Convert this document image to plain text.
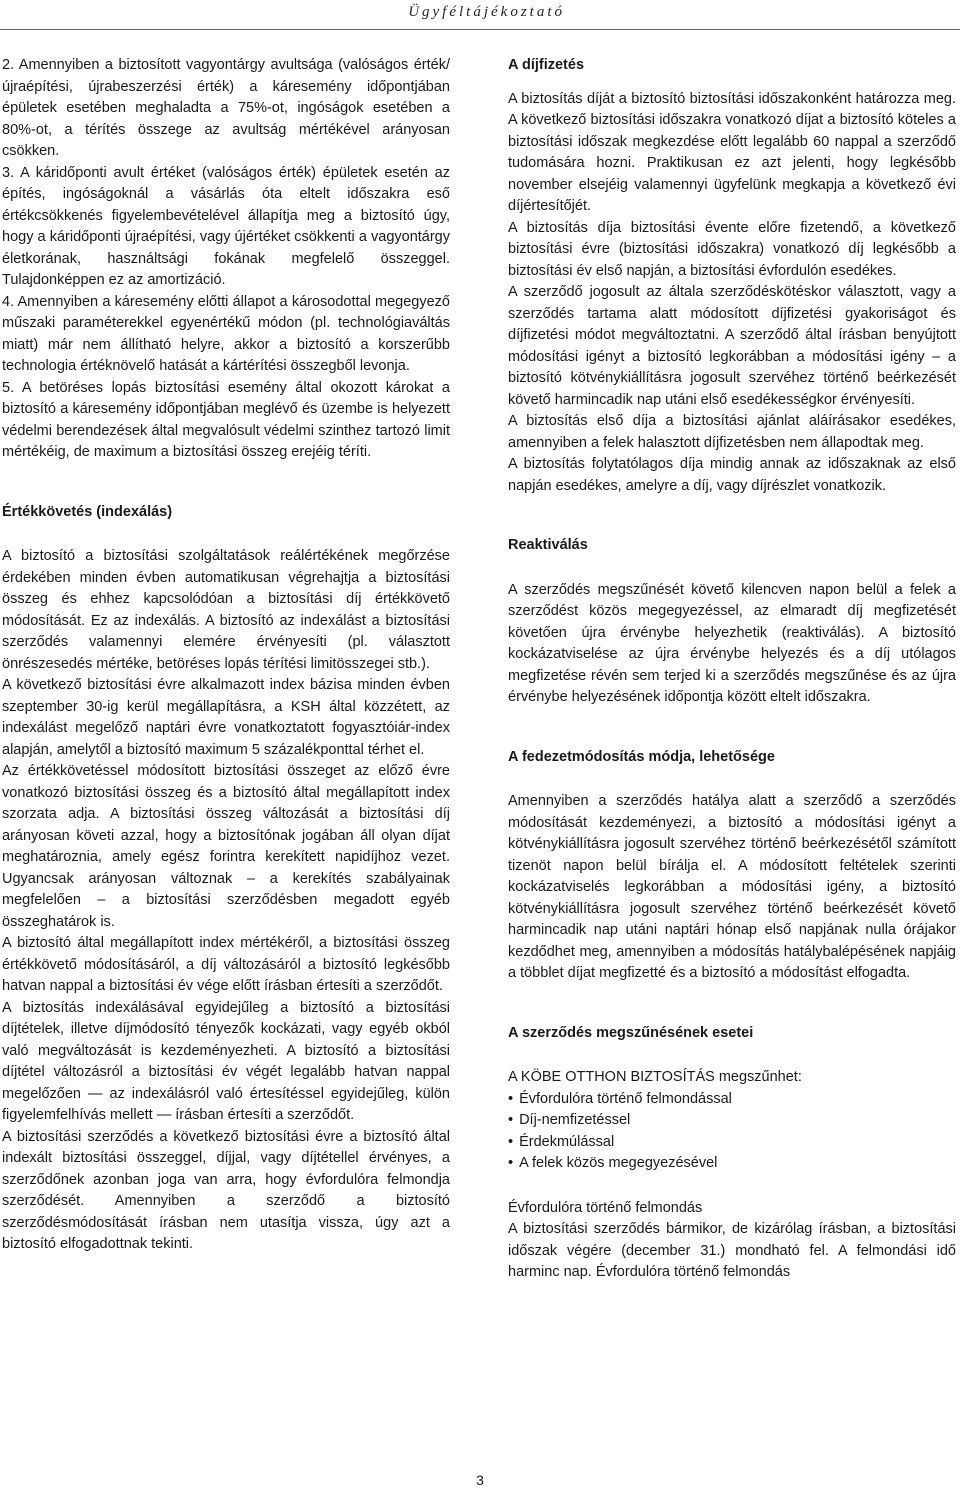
Ügyféltájékoztató

2. Amennyiben a biztosított vagyontárgy avultsága (valóságos érték/újraépítési, újrabeszerzési érték) a káresemény időpontjában épületek esetében meghaladta a 75%-ot, ingóságok esetében a 80%-ot, a térítés összege az avultság mértékével arányosan csökken.

3. A káridőponti avult értéket (valóságos érték) épületek esetén az építés, ingóságoknál a vásárlás óta eltelt időszakra eső értékcsökkenés figyelembevételével állapítja meg a biztosító úgy, hogy a káridőponti újraépítési, vagy újértéket csökkenti a vagyontárgy életkorának, használtsági fokának megfelelő összeggel. Tulajdonképpen ez az amortizáció.

4. Amennyiben a káresemény előtti állapot a károsodottal megegyező műszaki paraméterekkel egyenértékű módon (pl. technológiaváltás miatt) már nem állítható helyre, akkor a biztosító a korszerűbb technologia értéknövelő hatását a kártérítési összegből levonja.

5. A betöréses lopás biztosítási esemény által okozott károkat a biztosító a káresemény időpontjában meglévő és üzembe is helyezett védelmi berendezések által megvalósult védelmi szinthez tartozó limit mértékéig, de maximum a biztosítási összeg erejéig téríti.

Értékkövetés (indexálás)

A biztosító a biztosítási szolgáltatások reálértékének megőrzése érdekében minden évben automatikusan végrehajtja a biztosítási összeg és ehhez kapcsolódóan a biztosítási díj értékkövető módosítását. Ez az indexálás. A biztosító az indexálást a biztosítási szerződés valamennyi elemére érvényesíti (pl. választott önrészesedés mértéke, betöréses lopás térítési limitösszegei stb.).

A következő biztosítási évre alkalmazott index bázisa minden évben szeptember 30-ig kerül megállapításra, a KSH által közzétett, az indexálást megelőző naptári évre vonatkoztatott fogyasztóiár-index alapján, amelytől a biztosító maximum 5 százalékponttal térhet el.

Az értékkövetéssel módosított biztosítási összeget az előző évre vonatkozó biztosítási összeg és a biztosító által megállapított index szorzata adja. A biztosítási összeg változását a biztosítási díj arányosan követi azzal, hogy a biztosítónak jogában áll olyan díjat meghatároznia, amely egész forintra kerekített napidíjhoz vezet. Ugyancsak arányosan változnak – a kerekítés szabályainak megfelelően – a biztosítási szerződésben megadott egyéb összeghatárok is.

A biztosító által megállapított index mértékéről, a biztosítási összeg értékkövető módosításáról, a díj változásáról a biztosító legkésőbb hatvan nappal a biztosítási év vége előtt írásban értesíti a szerződőt.

A biztosítás indexálásával egyidejűleg a biztosító a biztosítási díjtételek, illetve díjmódosító tényezők kockázati, vagy egyéb okból való megváltozását is kezdeményezheti. A biztosító a biztosítási díjtétel változásról a biztosítási év végét legalább hatvan nappal megelőzően — az indexálásról való értesítéssel egyidejűleg, külön figyelemfelhívás mellett — írásban értesíti a szerződőt.

A biztosítási szerződés a következő biztosítási évre a biztosító által indexált biztosítási összeggel, díjjal, vagy díjtétellel érvényes, a szerződőnek azonban joga van arra, hogy évfordulóra felmondja szerződését. Amennyiben a szerződő a biztosító szerződésmódosítását írásban nem utasítja vissza, úgy azt a biztosító elfogadottnak tekinti.

A díjfizetés

A biztosítás díját a biztosító biztosítási időszakonként határozza meg. A következő biztosítási időszakra vonatkozó díjat a biztosító köteles a biztosítási időszak megkezdése előtt legalább 60 nappal a szerződő tudomására hozni. Praktikusan ez azt jelenti, hogy legkésőbb november elsejéig valamennyi ügyfelünk megkapja a következő évi díjértesítőjét.

A biztosítás díja biztosítási évente előre fizetendő, a következő biztosítási évre (biztosítási időszakra) vonatkozó díj legkésőbb a biztosítási év első napján, a biztosítási évfordulón esedékes.

A szerződő jogosult az általa szerződéskötéskor választott, vagy a szerződés tartama alatt módosított díjfizetési gyakoriságot és díjfizetési módot megváltoztatni. A szerződő által írásban benyújtott módosítási igényt a biztosító legkorábban a módosítási igény – a biztosító kötvénykiállításra jogosult szervéhez történő beérkezését követő harmincadik nap utáni első esedékességkor érvényesíti.

A biztosítás első díja a biztosítási ajánlat aláírásakor esedékes, amennyiben a felek halasztott díjfizetésben nem állapodtak meg.

A biztosítás folytatólagos díja mindig annak az időszaknak az első napján esedékes, amelyre a díj, vagy díjrészlet vonatkozik.

Reaktiválás

A szerződés megszűnését követő kilencven napon belül a felek a szerződést közös megegyezéssel, az elmaradt díj megfizetését követően újra érvénybe helyezhetik (reaktiválás). A biztosító kockázatviselése az újra érvénybe helyezés és a díj utólagos megfizetése révén sem terjed ki a szerződés megszűnése és az újra érvénybe helyezésének időpontja között eltelt időszakra.

A fedezetmódosítás módja, lehetősége

Amennyiben a szerződés hatálya alatt a szerződő a szerződés módosítását kezdeményezi, a biztosító a módosítási igényt a kötvénykiállításra jogosult szervéhez történő beérkezésétől számított tizenöt napon belül bírálja el. A módosított feltételek szerinti kockázatviselés legkorábban a módosítási igény, a biztosító kötvénykiállításra jogosult szervéhez történő beérkezését követő harmincadik nap utáni naptári hónap első napjának nulla órájakor kezdődhet meg, amennyiben a módosítás hatálybalépésének napjáig a többlet díjat megfizetté és a biztosító a módosítást elfogadta.

A szerződés megszűnésének esetei

A KÖBE OTTHON BIZTOSÍTÁS megszűnhet:

• Évfordulóra történő felmondással
• Díj-nemfizetéssel
• Érdekmúlással
• A felek közös megegyezésével

Évfordulóra történő felmondás

A biztosítási szerződés bármikor, de kizárólag írásban, a biztosítási időszak végére (december 31.) mondható fel. A felmondási idő harminc nap. Évfordulóra történő felmondás

3
